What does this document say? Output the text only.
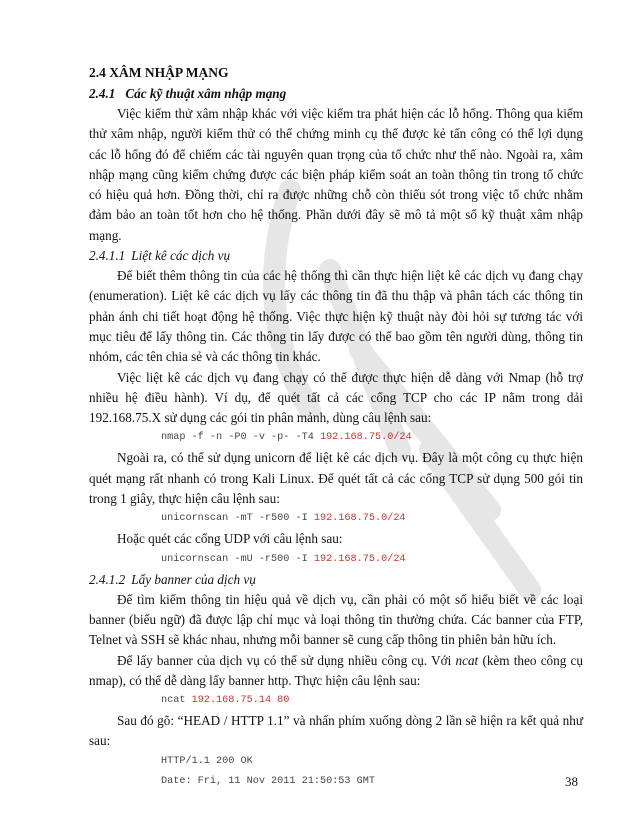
2.4 XÂM NHẬP MẠNG
2.4.1 Các kỹ thuật xâm nhập mạng

Việc kiểm thử xâm nhập khác với việc kiểm tra phát hiện các lỗ hổng. Thông qua kiểm thử xâm nhập, người kiểm thử có thể chứng minh cụ thể được kẻ tấn công có thể lợi dụng các lỗ hổng đó để chiếm các tài nguyên quan trọng của tổ chức như thế nào. Ngoài ra, xâm nhập mạng cũng kiểm chứng được các biện pháp kiểm soát an toàn thông tin trong tổ chức có hiệu quả hơn. Đồng thời, chỉ ra được những chỗ còn thiếu sót trong việc tổ chức nhằm đảm bảo an toàn tốt hơn cho hệ thống. Phần dưới đây sẽ mô tả một số kỹ thuật xâm nhập mạng.

2.4.1.1 Liệt kê các dịch vụ

Để biết thêm thông tin của các hệ thống thì cần thực hiện liệt kê các dịch vụ đang chạy (enumeration). Liệt kê các dịch vụ lấy các thông tin đã thu thập và phân tách các thông tin phản ánh chi tiết hoạt động hệ thống. Việc thực hiện kỹ thuật này đòi hỏi sự tương tác với mục tiêu để lấy thông tin. Các thông tin lấy được có thể bao gồm tên người dùng, thông tin nhóm, các tên chia sẻ và các thông tin khác.

Việc liệt kê các dịch vụ đang chạy có thể được thực hiện dễ dàng với Nmap (hỗ trợ nhiều hệ điều hành). Ví dụ, để quét tất cả các cổng TCP cho các IP nằm trong dải 192.168.75.X sử dụng các gói tin phân mảnh, dùng câu lệnh sau:

nmap -f -n -P0 -v -p- -T4 192.168.75.0/24

Ngoài ra, có thể sử dụng unicorn để liệt kê các dịch vụ. Đây là một công cụ thực hiện quét mạng rất nhanh có trong Kali Linux. Để quét tất cả các cổng TCP sử dụng 500 gói tin trong 1 giây, thực hiện câu lệnh sau:

unicornscan -mT -r500 -I 192.168.75.0/24

Hoặc quét các cổng UDP với câu lệnh sau:

unicornscan -mU -r500 -I 192.168.75.0/24
2.4.1.2 Lấy banner của dịch vụ

Để tìm kiếm thông tin hiệu quả về dịch vụ, cần phải có một số hiểu biết về các loại banner (biểu ngữ) đã được lập chỉ mục và loại thông tin thường chứa. Các banner của FTP, Telnet và SSH sẽ khác nhau, nhưng mỗi banner sẽ cung cấp thông tin phiên bản hữu ích.

Để lấy banner của dịch vụ có thể sử dụng nhiều công cụ. Với ncat (kèm theo công cụ nmap), có thể dễ dàng lấy banner http. Thực hiện câu lệnh sau:

ncat 192.168.75.14 80

Sau đó gõ: “HEAD / HTTP 1.1” và nhấn phím xuống dòng 2 lần sẽ hiện ra kết quả như sau:

HTTP/1.1 200 OK
Date: Fri, 11 Nov 2011 21:50:53 GMT	38
